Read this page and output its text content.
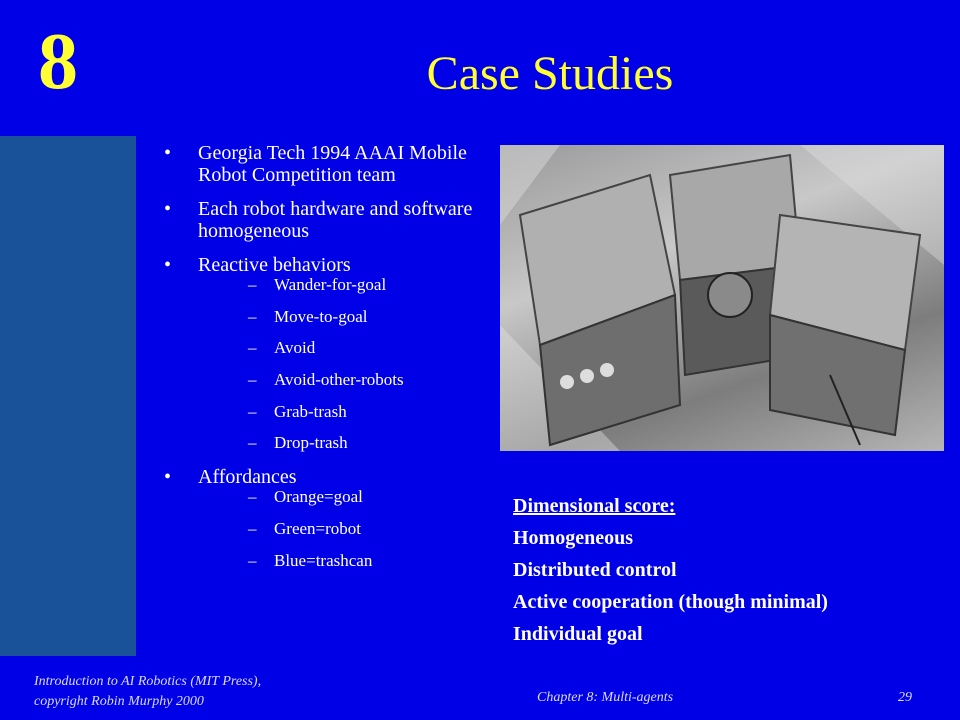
8	Case Studies
• Georgia Tech 1994 AAAI Mobile Robot Competition team
• Each robot hardware and software homogeneous
• Reactive behaviors
– Wander-for-goal
– Move-to-goal
– Avoid
– Avoid-other-robots
– Grab-trash
– Drop-trash
• Affordances
– Orange=goal
– Green=robot
– Blue=trashcan
Dimensional score:
Homogeneous
Distributed control
Active cooperation (though minimal)
Individual goal
Introduction to AI Robotics (MIT Press),
copyright Robin Murphy 2000	Chapter 8: Multi-agents	29
